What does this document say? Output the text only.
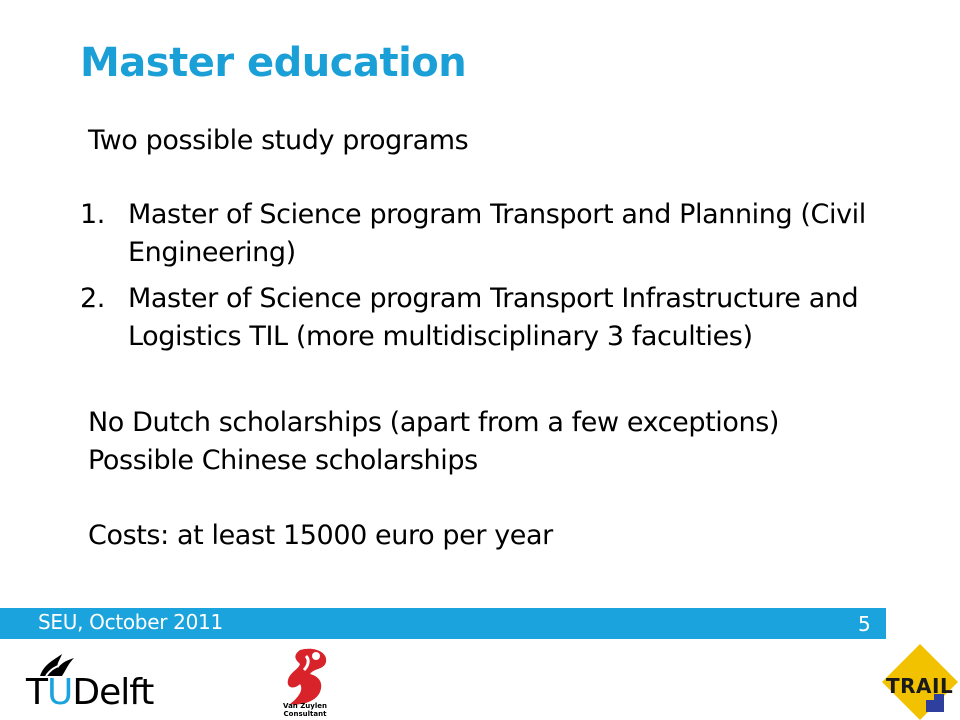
Master education
Two possible study programs
1. Master of Science program Transport and Planning (Civil Engineering)
2. Master of Science program Transport Infrastructure and Logistics TIL (more multidisciplinary 3 faculties)
No Dutch scholarships (apart from a few exceptions)
Possible Chinese scholarships
Costs: at least 15000 euro per year
SEU, October 2011	5
TUDelft	Van Zuylen Consultant
TRAIL
